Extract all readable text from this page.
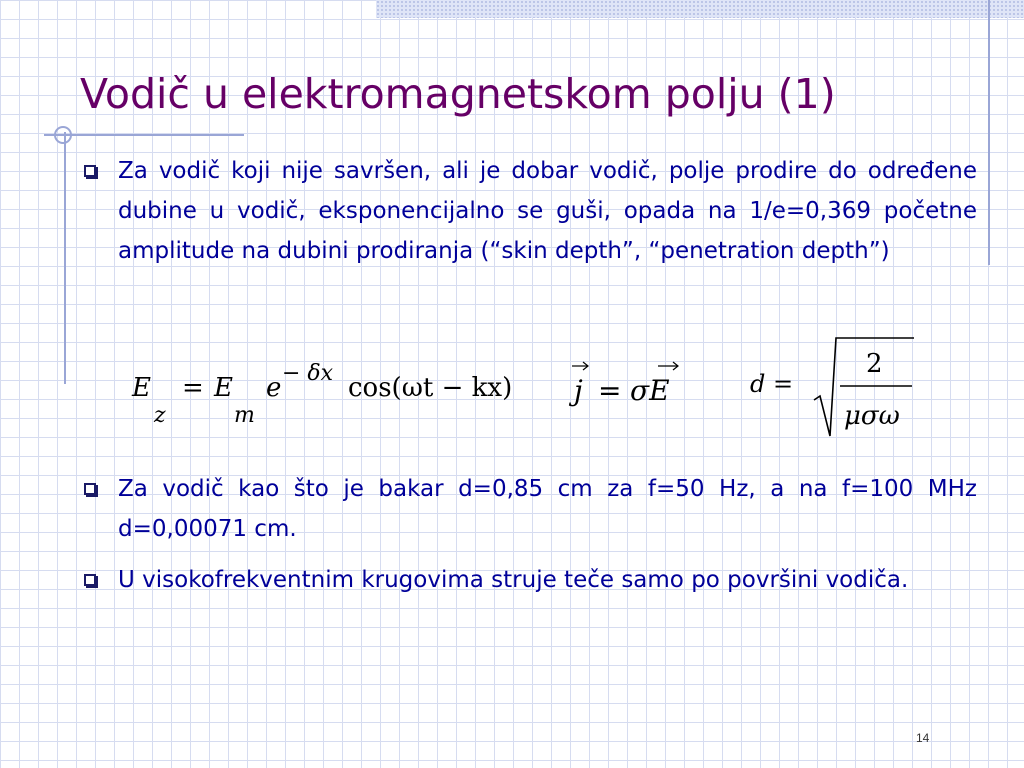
Vodič u elektromagnetskom polju (1)

Za vodič koji nije savršen, ali je dobar vodič, polje prodire do određene dubine u vodič, eksponencijalno se guši, opada na 1/e=0,369 početne amplitude na dubini prodiranja (“skin depth”, “penetration depth”)

E
z
= E
m
e − δx cos(ωt − kx) j = σE	d =
2
μσω

Za vodič kao što je bakar d=0,85 cm za f=50 Hz, a na f=100 MHz d=0,00071 cm.

U visokofrekventnim krugovima struje teče samo po površini vodiča.

14
